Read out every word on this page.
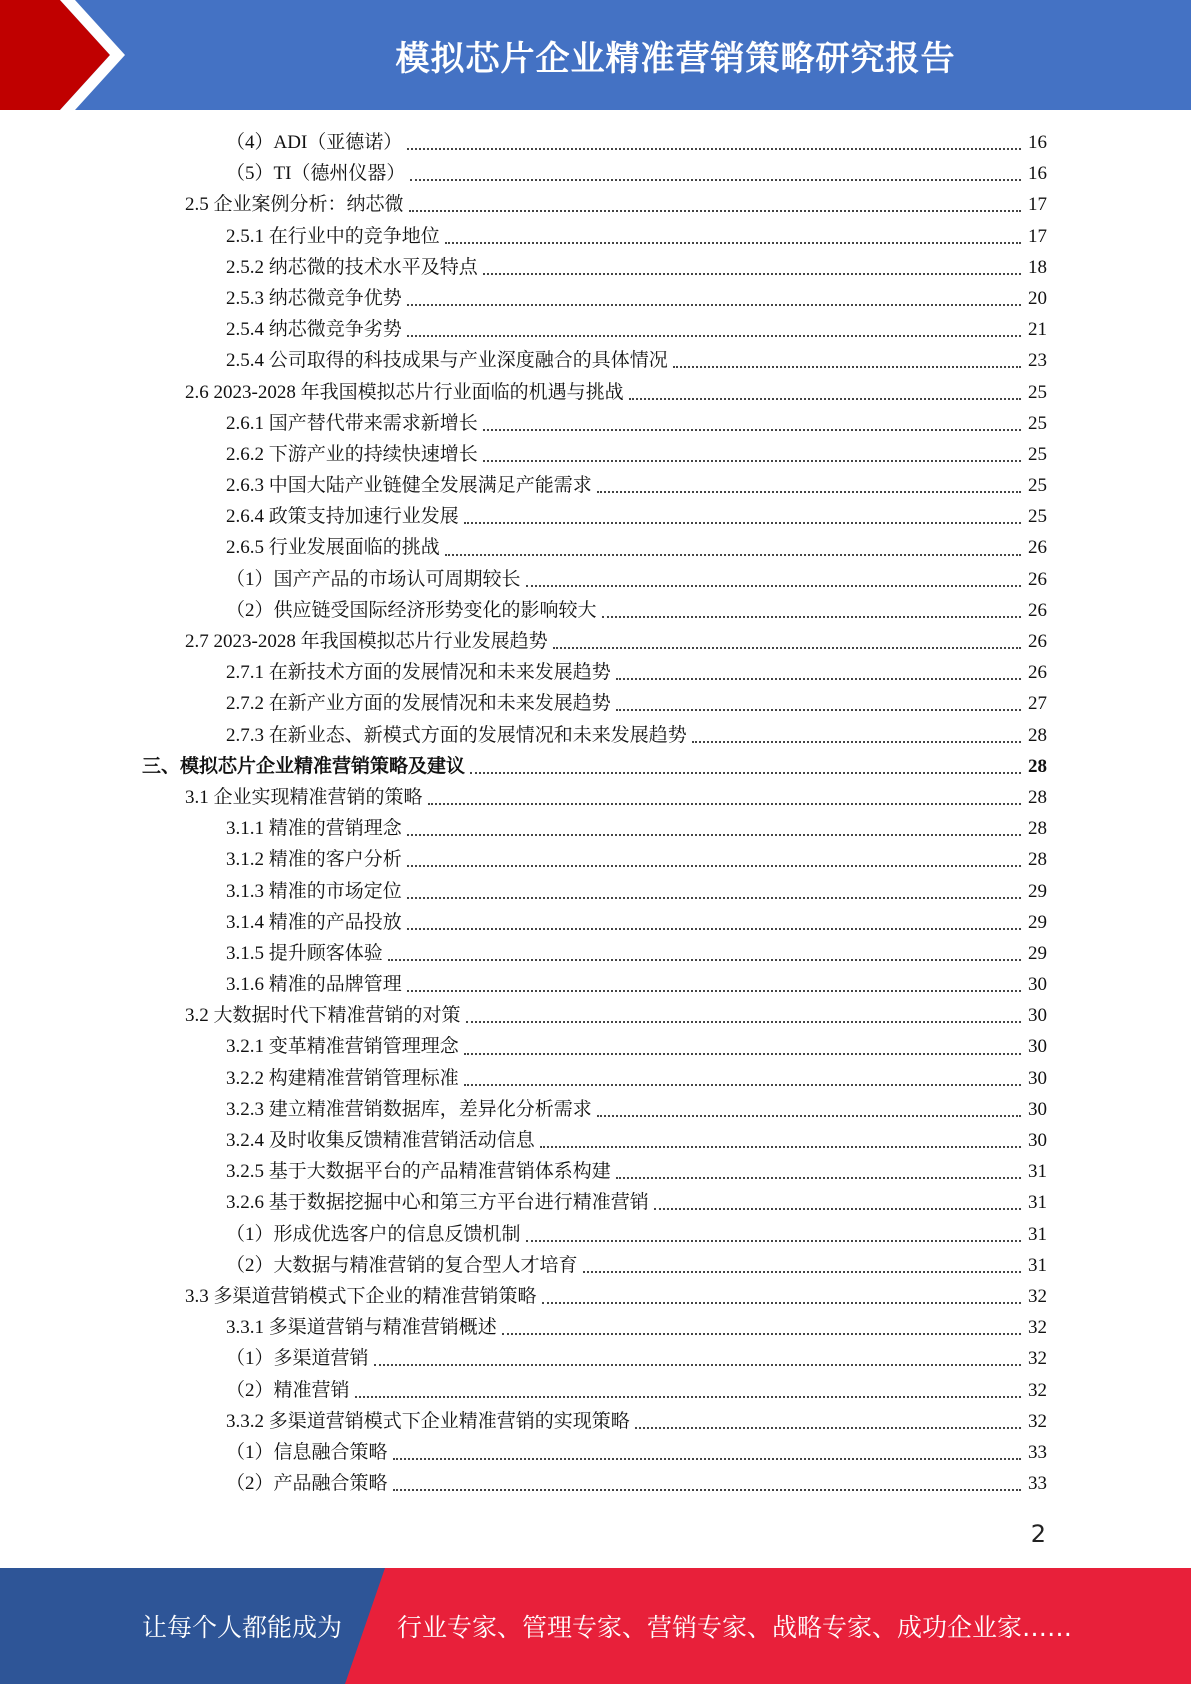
模拟芯片企业精准营销策略研究报告
（4）ADI（亚德诺）	16
（5）TI（德州仪器）	16
2.5 企业案例分析：纳芯微	17
2.5.1 在行业中的竞争地位	17
2.5.2 纳芯微的技术水平及特点	18
2.5.3 纳芯微竞争优势	20
2.5.4 纳芯微竞争劣势	21
2.5.4 公司取得的科技成果与产业深度融合的具体情况	23
2.6 2023-2028 年我国模拟芯片行业面临的机遇与挑战	25
2.6.1 国产替代带来需求新增长	25
2.6.2 下游产业的持续快速增长	25
2.6.3 中国大陆产业链健全发展满足产能需求	25
2.6.4 政策支持加速行业发展	25
2.6.5 行业发展面临的挑战	26
（1）国产产品的市场认可周期较长	26
（2）供应链受国际经济形势变化的影响较大	26
2.7 2023-2028 年我国模拟芯片行业发展趋势	26
2.7.1 在新技术方面的发展情况和未来发展趋势	26
2.7.2 在新产业方面的发展情况和未来发展趋势	27
2.7.3 在新业态、新模式方面的发展情况和未来发展趋势	28
三、模拟芯片企业精准营销策略及建议	28
3.1 企业实现精准营销的策略	28
3.1.1 精准的营销理念	28
3.1.2 精准的客户分析	28
3.1.3 精准的市场定位	29
3.1.4 精准的产品投放	29
3.1.5 提升顾客体验	29
3.1.6 精准的品牌管理	30
3.2 大数据时代下精准营销的对策	30
3.2.1 变革精准营销管理理念	30
3.2.2 构建精准营销管理标准	30
3.2.3 建立精准营销数据库，差异化分析需求	30
3.2.4 及时收集反馈精准营销活动信息	30
3.2.5 基于大数据平台的产品精准营销体系构建	31
3.2.6 基于数据挖掘中心和第三方平台进行精准营销	31
（1）形成优选客户的信息反馈机制	31
（2）大数据与精准营销的复合型人才培育	31
3.3 多渠道营销模式下企业的精准营销策略	32
3.3.1 多渠道营销与精准营销概述	32
（1）多渠道营销	32
（2）精准营销	32
3.3.2 多渠道营销模式下企业精准营销的实现策略	32
（1）信息融合策略	33
（2）产品融合策略	33
2
让每个人都能成为 行业专家、管理专家、营销专家、战略专家、成功企业家……
